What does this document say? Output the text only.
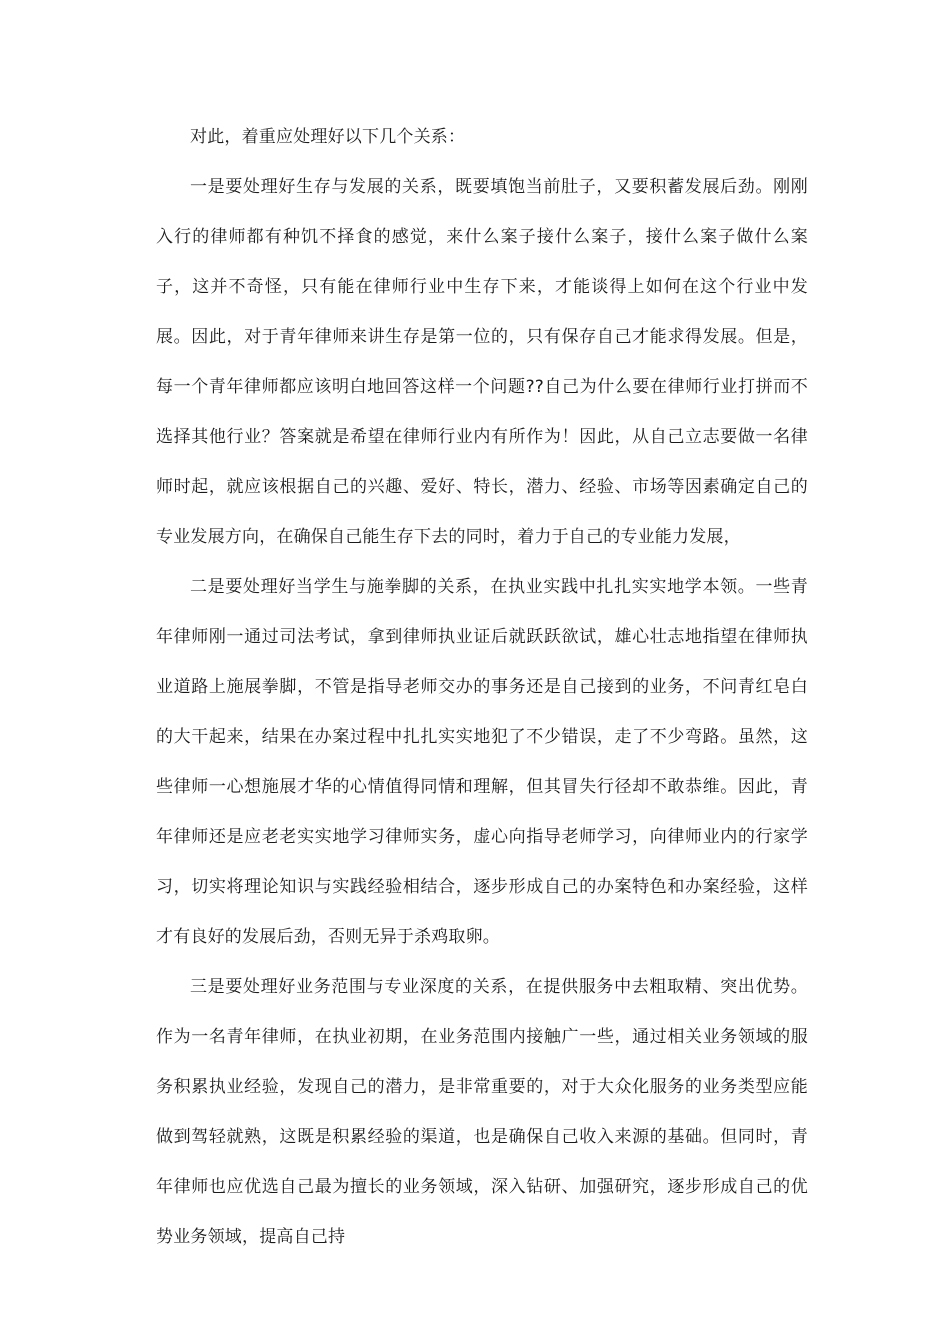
对此，着重应处理好以下几个关系：

一是要处理好生存与发展的关系，既要填饱当前肚子，又要积蓄发展后劲。刚刚入行的律师都有种饥不择食的感觉，来什么案子接什么案子，接什么案子做什么案子，这并不奇怪，只有能在律师行业中生存下来，才能谈得上如何在这个行业中发展。因此，对于青年律师来讲生存是第一位的，只有保存自己才能求得发展。但是，每一个青年律师都应该明白地回答这样一个问题??自己为什么要在律师行业打拼而不选择其他行业？答案就是希望在律师行业内有所作为！因此，从自己立志要做一名律师时起，就应该根据自己的兴趣、爱好、特长，潜力、经验、市场等因素确定自己的专业发展方向，在确保自己能生存下去的同时，着力于自己的专业能力发展，

二是要处理好当学生与施拳脚的关系，在执业实践中扎扎实实地学本领。一些青年律师刚一通过司法考试，拿到律师执业证后就跃跃欲试，雄心壮志地指望在律师执业道路上施展拳脚，不管是指导老师交办的事务还是自己接到的业务，不问青红皂白的大干起来，结果在办案过程中扎扎实实地犯了不少错误，走了不少弯路。虽然，这些律师一心想施展才华的心情值得同情和理解，但其冒失行径却不敢恭维。因此，青年律师还是应老老实实地学习律师实务，虚心向指导老师学习，向律师业内的行家学习，切实将理论知识与实践经验相结合，逐步形成自己的办案特色和办案经验，这样才有良好的发展后劲，否则无异于杀鸡取卵。

三是要处理好业务范围与专业深度的关系，在提供服务中去粗取精、突出优势。作为一名青年律师，在执业初期，在业务范围内接触广一些，通过相关业务领域的服务积累执业经验，发现自己的潜力，是非常重要的，对于大众化服务的业务类型应能做到驾轻就熟，这既是积累经验的渠道，也是确保自己收入来源的基础。但同时，青年律师也应优选自己最为擅长的业务领域，深入钻研、加强研究，逐步形成自己的优势业务领域，提高自己持
